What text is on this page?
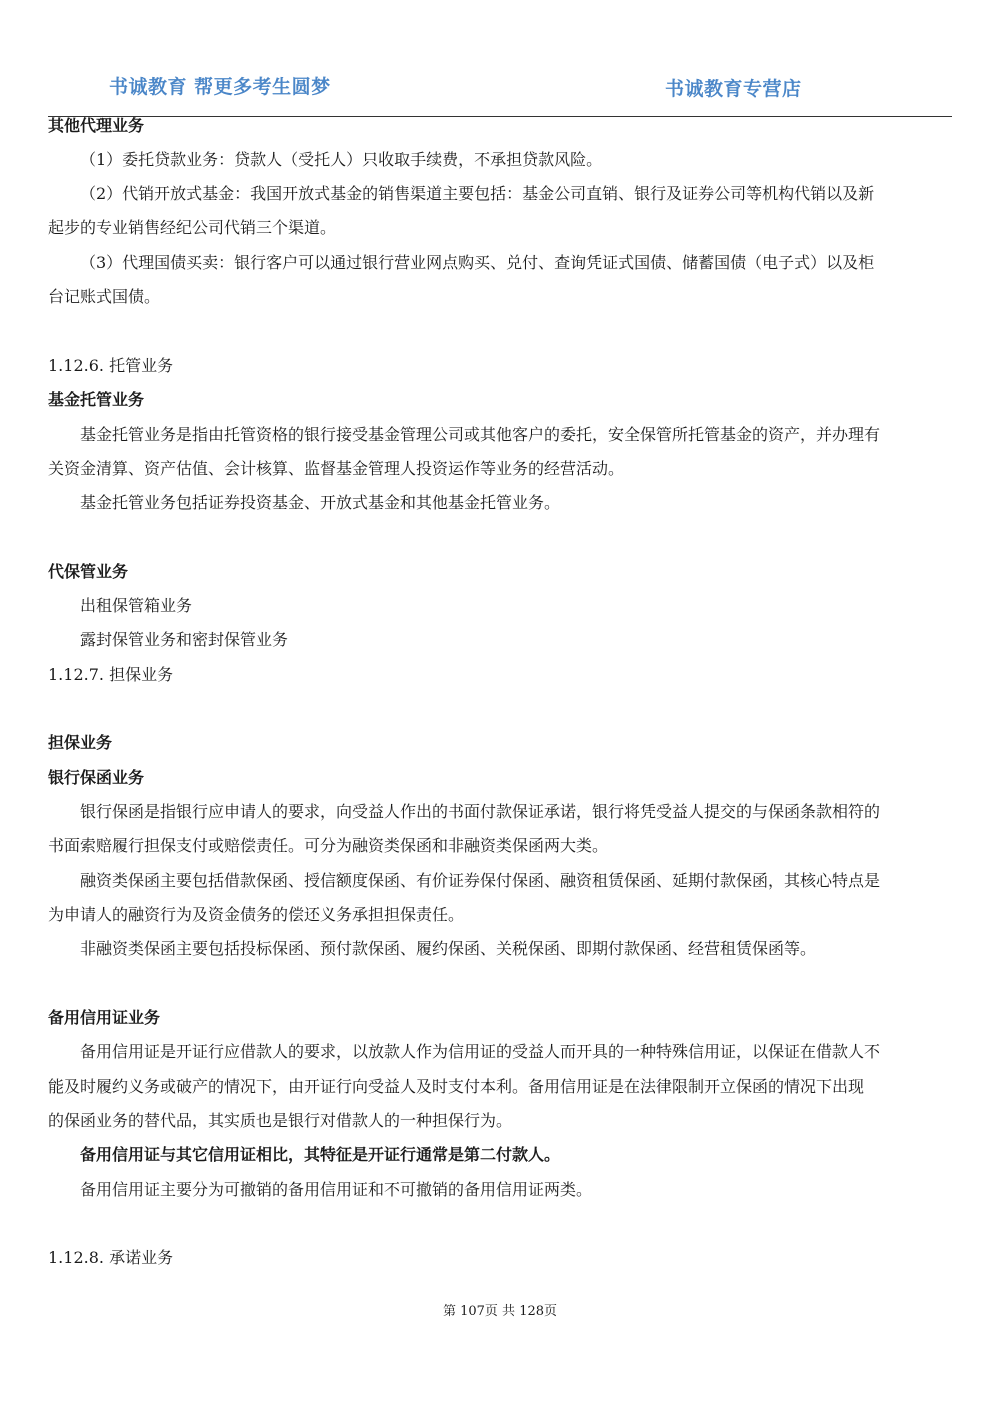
书诚教育 帮更多考生圆梦	书诚教育专营店
其他代理业务
（1）委托贷款业务：贷款人（受托人）只收取手续费，不承担贷款风险。
（2）代销开放式基金：我国开放式基金的销售渠道主要包括：基金公司直销、银行及证券公司等机构代销以及新
起步的专业销售经纪公司代销三个渠道。
（3）代理国债买卖：银行客户可以通过银行营业网点购买、兑付、查询凭证式国债、储蓄国债（电子式）以及柜
台记账式国债。
1.12.6. 托管业务
基金托管业务
基金托管业务是指由托管资格的银行接受基金管理公司或其他客户的委托，安全保管所托管基金的资产，并办理有
关资金清算、资产估值、会计核算、监督基金管理人投资运作等业务的经营活动。
基金托管业务包括证券投资基金、开放式基金和其他基金托管业务。
代保管业务
出租保管箱业务
露封保管业务和密封保管业务
1.12.7. 担保业务
担保业务
银行保函业务
银行保函是指银行应申请人的要求，向受益人作出的书面付款保证承诺，银行将凭受益人提交的与保函条款相符的
书面索赔履行担保支付或赔偿责任。可分为融资类保函和非融资类保函两大类。
融资类保函主要包括借款保函、授信额度保函、有价证券保付保函、融资租赁保函、延期付款保函，其核心特点是
为申请人的融资行为及资金债务的偿还义务承担担保责任。
非融资类保函主要包括投标保函、预付款保函、履约保函、关税保函、即期付款保函、经营租赁保函等。
备用信用证业务
备用信用证是开证行应借款人的要求，以放款人作为信用证的受益人而开具的一种特殊信用证，以保证在借款人不
能及时履约义务或破产的情况下，由开证行向受益人及时支付本利。备用信用证是在法律限制开立保函的情况下出现
的保函业务的替代品，其实质也是银行对借款人的一种担保行为。
备用信用证与其它信用证相比，其特征是开证行通常是第二付款人。
备用信用证主要分为可撤销的备用信用证和不可撤销的备用信用证两类。
1.12.8. 承诺业务
第 107页 共 128页
